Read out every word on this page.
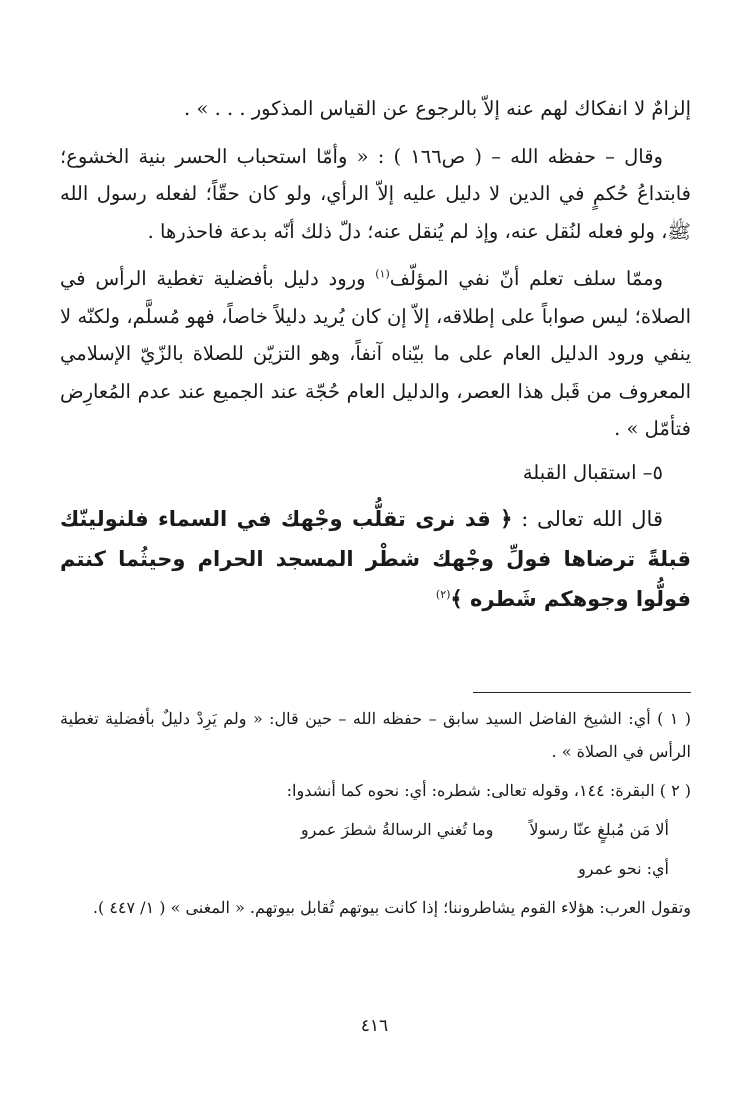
إلزامٌ لا انفكاك لهم عنه إلاّ بالرجوع عن القياس المذكور . . . » .

وقال – حفظه الله – ( ص١٦٦ ) : « وأمّا استحباب الحسر بنية الخشوع؛ فابتداعُ حُكمٍ في الدين لا دليل عليه إلاّ الرأي، ولو كان حقّاً؛ لفعله رسول الله ﷺ، ولو فعله لنُقل عنه، وإذ لم يُنقل عنه؛ دلّ ذلك أنّه بدعة فاحذرها .

وممّا سلف تعلم أنّ نفي المؤلّف$^{(١)}$ ورود دليل بأفضلية تغطية الرأس في الصلاة؛ ليس صواباً على إطلاقه، إلاّ إن كان يُريد دليلاً خاصاً، فهو مُسلَّم، ولكنّه لا ينفي ورود الدليل العام على ما بيّناه آنفاً، وهو التزيّن للصلاة بالزّيّ الإسلامي المعروف من قَبل هذا العصر، والدليل العام حُجّة عند الجميع عند عدم المُعارِض فتأمّل » .

٥– استقبال القبلة

قال الله تعالى : ﴿ قد نرى تقلُّب وجْهك في السماء فلنولينّك قبلةً ترضاها فولِّ وجْهك شطْر المسجد الحرام وحيثُما كنتم فولُّوا وجوهكم شَطره ﴾$^{(٢)}$

( ١ ) أي: الشيخ الفاضل السيد سابق – حفظه الله – حين قال: « ولم يَرِدْ دليلٌ بأفضلية تغطية الرأس في الصلاة » .

( ٢ ) البقرة: ١٤٤، وقوله تعالى: شطره: أي: نحوه كما أنشدوا:

ألا مَن مُبلغٍ عنّا رسولاً
وما تُغني الرسالةُ شطرَ عمرو

أي: نحو عمرو

وتقول العرب: هؤلاء القوم يشاطروننا؛ إذا كانت بيوتهم تُقابل بيوتهم. « المغنى » ( ١/ ٤٤٧ ).

٤١٦
